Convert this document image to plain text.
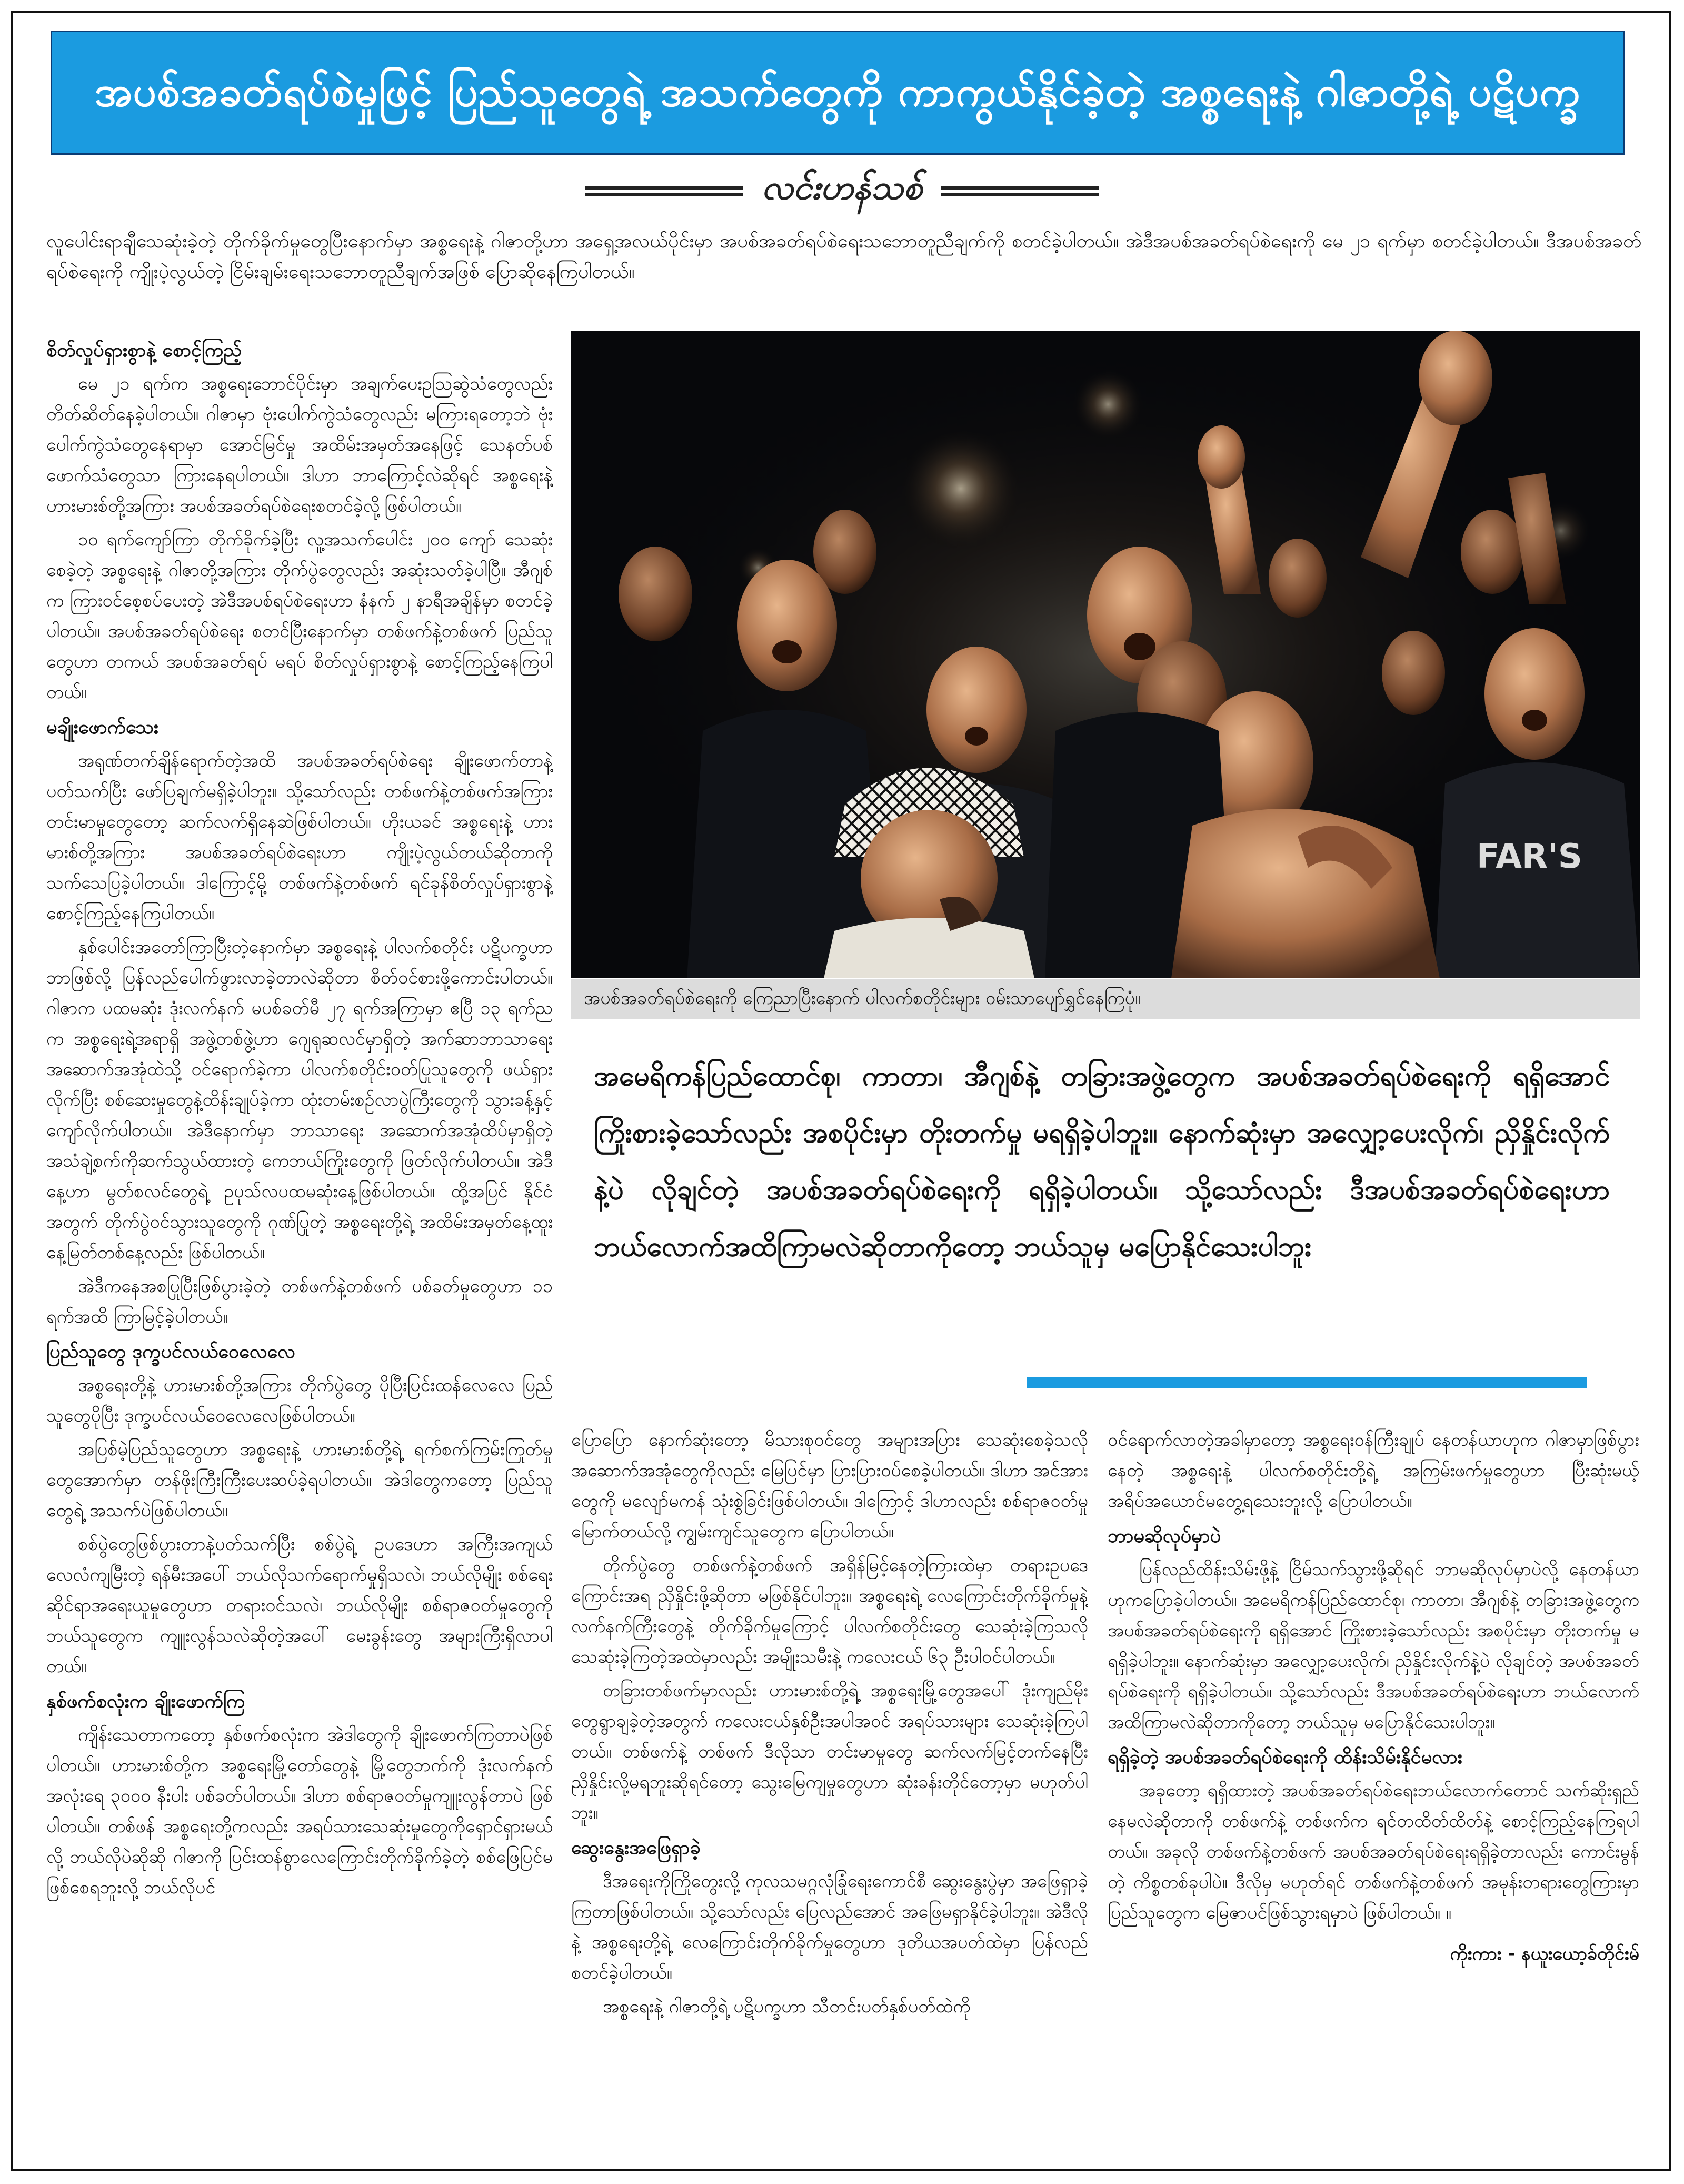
အပစ်အခတ်ရပ်စဲမှုဖြင့် ပြည်သူတွေရဲ့ အသက်တွေကို ကာကွယ်နိုင်ခဲ့တဲ့ အစ္စရေးနဲ့ ဂါဇာတို့ရဲ့ ပဋိပက္ခ
လင်းဟန်သစ်
လူပေါင်းရာချီသေဆုံးခဲ့တဲ့ တိုက်ခိုက်မှုတွေပြီးနောက်မှာ အစ္စရေးနဲ့ ဂါဇာတို့ဟာ အရှေ့အလယ်ပိုင်းမှာ အပစ်အခတ်ရပ်စဲရေးသဘောတူညီချက်ကို စတင်ခဲ့ပါတယ်။ အဲဒီအပစ်အခတ်ရပ်စဲရေးကို မေ ၂၁ ရက်မှာ စတင်ခဲ့ပါတယ်။ ဒီအပစ်အခတ်ရပ်စဲရေးကို ကျိုးပဲ့လွယ်တဲ့ ငြိမ်းချမ်းရေးသဘောတူညီချက်အဖြစ် ပြောဆိုနေကြပါတယ်။
စိတ်လှုပ်ရှားစွာနဲ့ စောင့်ကြည့်

မေ ၂၁ ရက်က အစ္စရေးဘောင်ပိုင်းမှာ အချက်ပေးဥသြဆွဲသံတွေလည်း တိတ်ဆိတ်နေခဲ့ပါတယ်။ ဂါဇာမှာ ဗုံးပေါက်ကွဲသံတွေလည်း မကြားရတော့ဘဲ ဗုံးပေါက်ကွဲသံတွေနေရာမှာ အောင်မြင်မှု အထိမ်းအမှတ်အနေဖြင့် သေနတ်ပစ်ဖောက်သံတွေသာ ကြားနေရပါတယ်။ ဒါဟာ ဘာကြောင့်လဲဆိုရင် အစ္စရေးနဲ့ ဟားမားစ်တို့အကြား အပစ်အခတ်ရပ်စဲရေးစတင်ခဲ့လို့ဖြစ်ပါတယ်။

၁၀ ရက်ကျော်ကြာ တိုက်ခိုက်ခဲ့ပြီး လူ့အသက်ပေါင်း ၂၀၀ ကျော် သေဆုံးစေခဲ့တဲ့ အစ္စရေးနဲ့ ဂါဇာတို့အကြား တိုက်ပွဲတွေလည်း အဆုံးသတ်ခဲ့ပါပြီ။ အီဂျစ်က ကြားဝင်စေ့စပ်ပေးတဲ့ အဲဒီအပစ်ရပ်စဲရေးဟာ နံနက် ၂ နာရီအချိန်မှာ စတင်ခဲ့ပါတယ်။ အပစ်အခတ်ရပ်စဲရေး စတင်ပြီးနောက်မှာ တစ်ဖက်နဲ့တစ်ဖက် ပြည်သူတွေဟာ တကယ် အပစ်အခတ်ရပ် မရပ် စိတ်လှုပ်ရှားစွာနဲ့ စောင့်ကြည့်နေကြပါတယ်။

မချိုးဖောက်သေး

အရုဏ်တက်ချိန်ရောက်တဲ့အထိ အပစ်အခတ်ရပ်စဲရေး ချိုးဖောက်တာနဲ့ပတ်သက်ပြီး ဖော်ပြချက်မရှိခဲ့ပါဘူး။ သို့သော်လည်း တစ်ဖက်နဲ့တစ်ဖက်အကြား တင်းမာမှုတွေတော့ ဆက်လက်ရှိနေဆဲဖြစ်ပါတယ်။ ဟိုးယခင် အစ္စရေးနဲ့ ဟားမားစ်တို့အကြား အပစ်အခတ်ရပ်စဲရေးဟာ ကျိုးပဲ့လွယ်တယ်ဆိုတာကို သက်သေပြခဲ့ပါတယ်။ ဒါကြောင့်မို့ တစ်ဖက်နဲ့တစ်ဖက် ရင်ခုန်စိတ်လှုပ်ရှားစွာနဲ့ စောင့်ကြည့်နေကြပါတယ်။

နှစ်ပေါင်းအတော်ကြာပြီးတဲ့နောက်မှာ အစ္စရေးနဲ့ ပါလက်စတိုင်း ပဋိပက္ခဟာ ဘာဖြစ်လို့ ပြန်လည်ပေါက်ဖွားလာခဲ့တာလဲဆိုတာ စိတ်ဝင်စားဖို့ကောင်းပါတယ်။ ဂါဇာက ပထမဆုံး ဒုံးလက်နက် မပစ်ခတ်မီ ၂၇ ရက်အကြာမှာ ဧပြီ ၁၃ ရက်ညက အစ္စရေးရဲ့အရာရှိ အဖွဲ့တစ်ဖွဲ့ဟာ ဂျေရုဆလင်မှာရှိတဲ့ အက်ဆာဘာသာရေး အဆောက်အအုံထဲသို့ ဝင်ရောက်ခဲ့ကာ ပါလက်စတိုင်းဝတ်ပြုသူတွေကို ဖယ်ရှားလိုက်ပြီး စစ်ဆေးမှုတွေနဲ့ထိန်းချုပ်ခဲ့ကာ ထုံးတမ်းစဉ်လာပွဲကြီးတွေကို သွားခန့်နှင့်ကျော်လိုက်ပါတယ်။ အဲဒီနောက်မှာ ဘာသာရေး အဆောက်အအုံထိပ်မှာရှိတဲ့ အသံချဲ့စက်ကိုဆက်သွယ်ထားတဲ့ ကေဘယ်ကြိုးတွေကို ဖြတ်လိုက်ပါတယ်။ အဲဒီနေ့ဟာ မွတ်စလင်တွေရဲ့ ဥပုသ်လပထမဆုံးနေ့ဖြစ်ပါတယ်။ ထို့အပြင် နိုင်ငံအတွက် တိုက်ပွဲဝင်သွားသူတွေကို ဂုဏ်ပြုတဲ့ အစ္စရေးတို့ရဲ့ အထိမ်းအမှတ်နေ့ထူးနေ့မြတ်တစ်နေ့လည်း ဖြစ်ပါတယ်။

အဲဒီကနေအစပြုပြီးဖြစ်ပွားခဲ့တဲ့ တစ်ဖက်နဲ့တစ်ဖက် ပစ်ခတ်မှုတွေဟာ ၁၁ ရက်အထိ ကြာမြင့်ခဲ့ပါတယ်။

ပြည်သူတွေ ဒုက္ခပင်လယ်ဝေလေလေ

အစ္စရေးတို့နဲ့ ဟားမားစ်တို့အကြား တိုက်ပွဲတွေ ပိုပြီးပြင်းထန်လေလေ ပြည်သူတွေပိုပြီး ဒုက္ခပင်လယ်ဝေလေလေဖြစ်ပါတယ်။

အပြစ်မဲ့ပြည်သူတွေဟာ အစ္စရေးနဲ့ ဟားမားစ်တို့ရဲ့ ရက်စက်ကြမ်းကြုတ်မှုတွေအောက်မှာ တန်ဖိုးကြီးကြီးပေးဆပ်ခဲ့ရပါတယ်။ အဲဒါတွေကတော့ ပြည်သူတွေရဲ့ အသက်ပဲဖြစ်ပါတယ်။

စစ်ပွဲတွေဖြစ်ပွားတာနဲ့ပတ်သက်ပြီး စစ်ပွဲရဲ့ ဥပဒေဟာ အကြီးအကျယ်လေလံကျမြီးတဲ့ ရန်မီးအပေါ် ဘယ်လိုသက်ရောက်မှုရှိသလဲ၊ ဘယ်လိုမျိုး စစ်ရေးဆိုင်ရာအရေးယူမှုတွေဟာ တရားဝင်သလဲ၊ ဘယ်လိုမျိုး စစ်ရာဇဝတ်မှုတွေကို ဘယ်သူတွေက ကျူးလွန်သလဲဆိုတဲ့အပေါ် မေးခွန်းတွေ အများကြီးရှိလာပါတယ်။

နှစ်ဖက်စလုံးက ချိုးဖောက်ကြ

ကျိန်းသေတာကတော့ နှစ်ဖက်စလုံးက အဲဒါတွေကို ချိုးဖောက်ကြတာပဲဖြစ်ပါတယ်။ ဟားမားစ်တို့က အစ္စရေးမြို့တော်တွေနဲ့ မြို့တွေဘက်ကို ဒုံးလက်နက် အလုံးရေ ၃၀၀၀ နီးပါး ပစ်ခတ်ပါတယ်။ ဒါဟာ စစ်ရာဇဝတ်မှုကျူးလွန်တာပဲ ဖြစ်ပါတယ်။ တစ်ဖန် အစ္စရေးတို့ကလည်း အရပ်သားသေဆုံးမှုတွေကိုရှောင်ရှားမယ်လို့ ဘယ်လိုပဲဆိုဆို ဂါဇာကို ပြင်းထန်စွာလေကြောင်းတိုက်ခိုက်ခဲ့တဲ့ စစ်ဖြေပြင်မဖြစ်စေရဘူးလို့ ဘယ်လိုပင်

FAR'S
အပစ်အခတ်ရပ်စဲရေးကို ကြေညာပြီးနောက် ပါလက်စတိုင်းများ ဝမ်းသာပျော်ရွှင်နေကြပုံ။
အမေရိကန်ပြည်ထောင်စု၊ ကာတာ၊ အီဂျစ်နဲ့ တခြားအဖွဲ့တွေက အပစ်အခတ်ရပ်စဲရေးကို ရရှိအောင် ကြိုးစားခဲ့သော်လည်း အစပိုင်းမှာ တိုးတက်မှု မရရှိခဲ့ပါဘူး။ နောက်ဆုံးမှာ အလျှော့ပေးလိုက်၊ ညှိနှိုင်းလိုက်နဲ့ပဲ လိုချင်တဲ့ အပစ်အခတ်ရပ်စဲရေးကို ရရှိခဲ့ပါတယ်။ သို့သော်လည်း ဒီအပစ်အခတ်ရပ်စဲရေးဟာ ဘယ်လောက်အထိကြာမလဲဆိုတာကိုတော့ ဘယ်သူမှ မပြောနိုင်သေးပါဘူး

ပြောပြော နောက်ဆုံးတော့ မိသားစုဝင်တွေ အများအပြား သေဆုံးစေခဲ့သလို အဆောက်အအုံတွေကိုလည်း မြေပြင်မှာ ပြားပြားဝပ်စေခဲ့ပါတယ်။ ဒါဟာ အင်အားတွေကို မလျော်မကန် သုံးစွဲခြင်းဖြစ်ပါတယ်။ ဒါကြောင့် ဒါဟာလည်း စစ်ရာဇဝတ်မှုမြောက်တယ်လို့ ကျွမ်းကျင်သူတွေက ပြောပါတယ်။

တိုက်ပွဲတွေ တစ်ဖက်နဲ့တစ်ဖက် အရှိန်မြင့်နေတဲ့ကြားထဲမှာ တရားဥပဒေကြောင်းအရ ညှိနှိုင်းဖို့ဆိုတာ မဖြစ်နိုင်ပါဘူး။ အစ္စရေးရဲ့ လေကြောင်းတိုက်ခိုက်မှုနဲ့ လက်နက်ကြီးတွေနဲ့ တိုက်ခိုက်မှုကြောင့် ပါလက်စတိုင်းတွေ သေဆုံးခဲ့ကြသလို သေဆုံးခဲ့ကြတဲ့အထဲမှာလည်း အမျိုးသမီးနဲ့ ကလေးငယ် ၆၃ ဦးပါဝင်ပါတယ်။

တခြားတစ်ဖက်မှာလည်း ဟားမားစ်တို့ရဲ့ အစ္စရေးမြို့တွေအပေါ် ဒုံးကျည်မိုးတွေရွာချခဲ့တဲ့အတွက် ကလေးငယ်နှစ်ဦးအပါအဝင် အရပ်သားများ သေဆုံးခဲ့ကြပါတယ်။ တစ်ဖက်နဲ့ တစ်ဖက် ဒီလိုသာ တင်းမာမှုတွေ ဆက်လက်မြင့်တက်နေပြီး ညှိနှိုင်းလို့မရဘူးဆိုရင်တော့ သွေးမြေကျမှုတွေဟာ ဆုံးခန်းတိုင်တော့မှာ မဟုတ်ပါဘူး။

ဆွေးနွေးအဖြေရှာခဲ့

ဒီအရေးကိုကြိုတွေးလို့ ကုလသမဂ္ဂလုံခြုံရေးကောင်စီ ဆွေးနွေးပွဲမှာ အဖြေရှာခဲ့ကြတာဖြစ်ပါတယ်။ သို့သော်လည်း ပြေလည်အောင် အဖြေမရှာနိုင်ခဲ့ပါဘူး။ အဲဒီလိုနဲ့ အစ္စရေးတို့ရဲ့ လေကြောင်းတိုက်ခိုက်မှုတွေဟာ ဒုတိယအပတ်ထဲမှာ ပြန်လည်စတင်ခဲ့ပါတယ်။

အစ္စရေးနဲ့ ဂါဇာတို့ရဲ့ ပဋိပက္ခဟာ သီတင်းပတ်နှစ်ပတ်ထဲကို

ဝင်ရောက်လာတဲ့အခါမှာတော့ အစ္စရေးဝန်ကြီးချုပ် နေတန်ယာဟုက ဂါဇာမှာဖြစ်ပွားနေတဲ့ အစ္စရေးနဲ့ ပါလက်စတိုင်းတို့ရဲ့ အကြမ်းဖက်မှုတွေဟာ ပြီးဆုံးမယ့် အရိပ်အယောင်မတွေ့ရသေးဘူးလို့ ပြောပါတယ်။

ဘာမဆိုလုပ်မှာပဲ

ပြန်လည်ထိန်းသိမ်းဖို့နဲ့ ငြိမ်သက်သွားဖို့ဆိုရင် ဘာမဆိုလုပ်မှာပဲလို့ နေတန်ယာဟုကပြောခဲ့ပါတယ်။ အမေရိကန်ပြည်ထောင်စု၊ ကာတာ၊ အီဂျစ်နဲ့ တခြားအဖွဲ့တွေက အပစ်အခတ်ရပ်စဲရေးကို ရရှိအောင် ကြိုးစားခဲ့သော်လည်း အစပိုင်းမှာ တိုးတက်မှု မရရှိခဲ့ပါဘူး။ နောက်ဆုံးမှာ အလျှော့ပေးလိုက်၊ ညှိနှိုင်းလိုက်နဲ့ပဲ လိုချင်တဲ့ အပစ်အခတ်ရပ်စဲရေးကို ရရှိခဲ့ပါတယ်။ သို့သော်လည်း ဒီအပစ်အခတ်ရပ်စဲရေးဟာ ဘယ်လောက်အထိကြာမလဲဆိုတာကိုတော့ ဘယ်သူမှ မပြောနိုင်သေးပါဘူး။

ရရှိခဲ့တဲ့ အပစ်အခတ်ရပ်စဲရေးကို ထိန်းသိမ်းနိုင်မလား

အခုတော့ ရရှိထားတဲ့ အပစ်အခတ်ရပ်စဲရေးဘယ်လောက်တောင် သက်ဆိုးရှည်နေမလဲဆိုတာကို တစ်ဖက်နဲ့ တစ်ဖက်က ရင်တထိတ်ထိတ်နဲ့ စောင့်ကြည့်နေကြရပါတယ်။ အခုလို တစ်ဖက်နဲ့တစ်ဖက် အပစ်အခတ်ရပ်စဲရေးရရှိခဲ့တာလည်း ကောင်းမွန်တဲ့ ကိစ္စတစ်ခုပါပဲ။ ဒီလိုမှ မဟုတ်ရင် တစ်ဖက်နဲ့တစ်ဖက် အမုန်းတရားတွေကြားမှာ ပြည်သူတွေက မြေဇာပင်ဖြစ်သွားရမှာပဲ ဖြစ်ပါတယ်။ ။

ကိုးကား - နယူးယော့ခ်တိုင်းမ်
